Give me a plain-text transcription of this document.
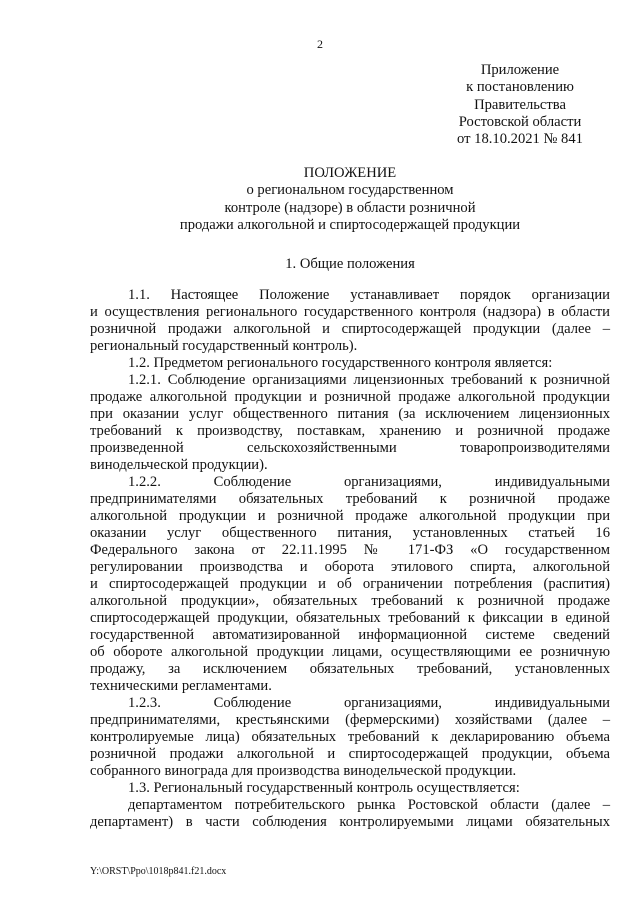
2
Приложение
к постановлению
Правительства
Ростовской области
от 18.10.2021 № 841
ПОЛОЖЕНИЕ
о региональном государственном
контроле (надзоре) в области розничной
продажи алкогольной и спиртосодержащей продукции
1. Общие положения

1.1. Настоящее Положение устанавливает порядок организации

и осуществления регионального государственного контроля (надзора) в области

розничной продажи алкогольной и спиртосодержащей продукции (далее –

региональный государственный контроль).

1.2. Предметом регионального государственного контроля является:

1.2.1. Соблюдение организациями лицензионных требований к розничной

продаже алкогольной продукции и розничной продаже алкогольной продукции

при оказании услуг общественного питания (за исключением лицензионных

требований к производству, поставкам, хранению и розничной продаже

произведенной сельскохозяйственными товаропроизводителями

винодельческой продукции).

1.2.2. Соблюдение организациями, индивидуальными

предпринимателями обязательных требований к розничной продаже

алкогольной продукции и розничной продаже алкогольной продукции при

оказании услуг общественного питания, установленных статьей 16

Федерального закона от 22.11.1995 № 171-ФЗ «О государственном

регулировании производства и оборота этилового спирта, алкогольной

и спиртосодержащей продукции и об ограничении потребления (распития)

алкогольной продукции», обязательных требований к розничной продаже

спиртосодержащей продукции, обязательных требований к фиксации в единой

государственной автоматизированной информационной системе сведений

об обороте алкогольной продукции лицами, осуществляющими ее розничную

продажу, за исключением обязательных требований, установленных

техническими регламентами.

1.2.3. Соблюдение организациями, индивидуальными

предпринимателями, крестьянскими (фермерскими) хозяйствами (далее –

контролируемые лица) обязательных требований к декларированию объема

розничной продажи алкогольной и спиртосодержащей продукции, объема

собранного винограда для производства винодельческой продукции.

1.3. Региональный государственный контроль осуществляется:

департаментом потребительского рынка Ростовской области (далее –

департамент) в части соблюдения контролируемыми лицами обязательных

Y:\ORST\Ppo\1018p841.f21.docx
